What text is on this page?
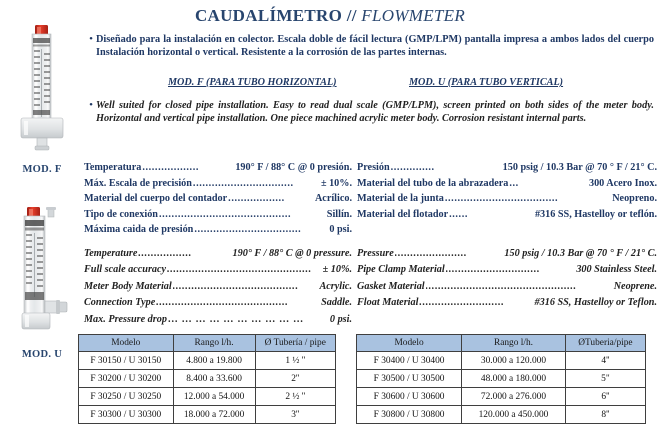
CAUDALÍMETRO // FLOWMETER
MOD. F
MOD. U
• Diseñado para la instalación en colector. Escala doble de fácil lectura (GMP/LPM) pantalla impresa a ambos lados del cuerpo Instalación horizontal o vertical. Resistente a la corrosión de las partes internas.
MOD. F (PARA TUBO HORIZONTAL)	MOD. U (PARA TUBO VERTICAL)
• Well suited for closed pipe installation. Easy to read dual scale (GMP/LPM), screen printed on both sides of the meter body. Horizontal and vertical pipe installation. One piece machined acrylic meter body. Corrosion resistant internal parts.
Temperatura ..................	190° F / 88° C @ 0 presión.
Máx. Escala de precisión ................................	± 10%.
Material del cuerpo del contador ..................	Acrílico.
Tipo de conexión ..........................................	Sillín.
Máxima caida de presión ..................................	0 psi.
Presión ..............	150 psig / 10.3 Bar @ 70 ° F / 21° C.
Material del tubo de la abrazadera ...	300 Acero Inox.
Material de la junta ....................................	Neopreno.
Material del flotador ......	#316 SS, Hastelloy or teflón.
Temperature .................	190° F / 88° C @ 0 pressure.
Full scale accuracy ..............................................	± 10%.
Meter Body Material ........................................	Acrylic.
Connection Type ..........................................	Saddle.
Max. Pressure drop … … … … … … … … … …	0 psi.
Pressure .......................	150 psig / 10.3 Bar @ 70 ° F / 21° C.
Pipe Clamp Material ..............................	300 Stainless Steel.
Gasket Material ................................................	Neoprene.
Float Material ...........................	#316 SS, Hastelloy or Teflon.
Modelo	Rango l/h.	Ø Tubería / pipe
F 30150 / U 30150	4.800 a 19.800	1 ½ ''
F 30200 / U 30200	8.400 a 33.600	2''
F 30250 / U 30250	12.000 a 54.000	2 ½ ''
F 30300 / U 30300	18.000 a 72.000	3''
Modelo	Rango l/h.	ØTuberia/pipe
F 30400 / U 30400	30.000 a 120.000	4''
F 30500 / U 30500	48.000 a 180.000	5"
F 30600 / U 30600	72.000 a 276.000	6''
F 30800 / U 30800	120.000 a 450.000	8''
